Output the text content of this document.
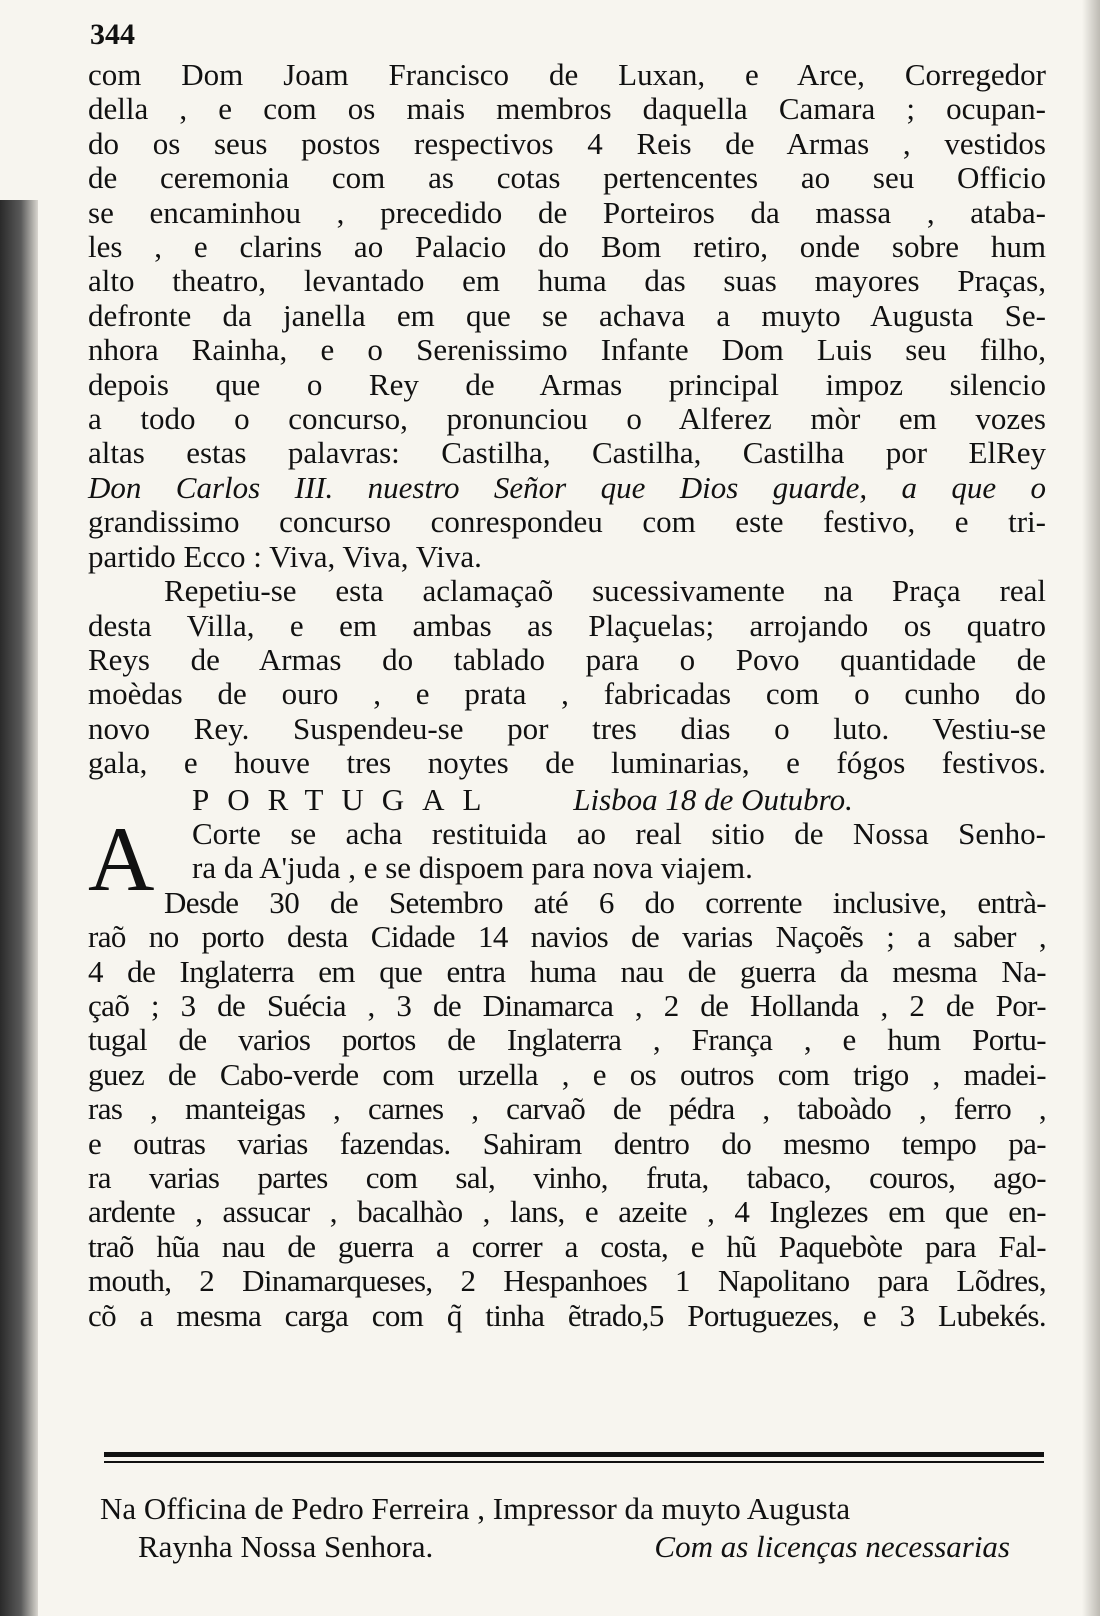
344
com Dom Joam Francisco de Luxan, e Arce, Corregedor
della , e com os mais membros daquella Camara ; ocupan-
do os seus postos respectivos 4 Reis de Armas , vestidos
de ceremonia com as cotas pertencentes ao seu Officio
se encaminhou , precedido de Porteiros da massa , ataba-
les , e clarins ao Palacio do Bom retiro, onde sobre hum
alto theatro, levantado em huma das suas mayores Praças,
defronte da janella em que se achava a muyto Augusta Se-
nhora Rainha, e o Serenissimo Infante Dom Luis seu filho,
depois que o Rey de Armas principal impoz silencio
a todo o concurso, pronunciou o Alferez mòr em vozes
altas estas palavras: Castilha, Castilha, Castilha por ElRey
Don Carlos III. nuestro Señor que Dios guarde, a que o
grandissimo concurso conrespondeu com este festivo, e tri-
partido Ecco : Viva, Viva, Viva.
Repetiu-se esta aclamaçaõ sucessivamente na Praça real
desta Villa, e em ambas as Plaçuelas; arrojando os quatro
Reys de Armas do tablado para o Povo quantidade de
moèdas de ouro , e prata , fabricadas com o cunho do
novo Rey. Suspendeu-se por tres dias o luto. Vestiu-se
gala, e houve tres noytes de luminarias, e fógos festivos.
PORTUGAL Lisboa 18 de Outubro.
A	Corte se acha restituida ao real sitio de Nossa Senho-
ra da A'juda , e se dispoem para nova viajem.
Desde 30 de Setembro até 6 do corrente inclusive, entrà-
raõ no porto desta Cidade 14 navios de varias Naçoẽs ; a saber ,
4 de Inglaterra em que entra huma nau de guerra da mesma Na-
çaõ ; 3 de Suécia , 3 de Dinamarca , 2 de Hollanda , 2 de Por-
tugal de varios portos de Inglaterra , França , e hum Portu-
guez de Cabo-verde com urzella , e os outros com trigo , madei-
ras , manteigas , carnes , carvaõ de pédra , taboàdo , ferro ,
e outras varias fazendas. Sahiram dentro do mesmo tempo pa-
ra varias partes com sal, vinho, fruta, tabaco, couros, ago-
ardente , assucar , bacalhào , lans, e azeite , 4 Inglezes em que en-
traõ hũa nau de guerra a correr a costa, e hũ Paquebòte para Fal-
mouth, 2 Dinamarqueses, 2 Hespanhoes 1 Napolitano para Lõdres,
cõ a mesma carga com q̃ tinha ẽtrado,5 Portuguezes, e 3 Lubekés.
Na Officina de Pedro Ferreira , Impressor da muyto Augusta
Raynha Nossa Senhora.	Com as licenças necessarias
